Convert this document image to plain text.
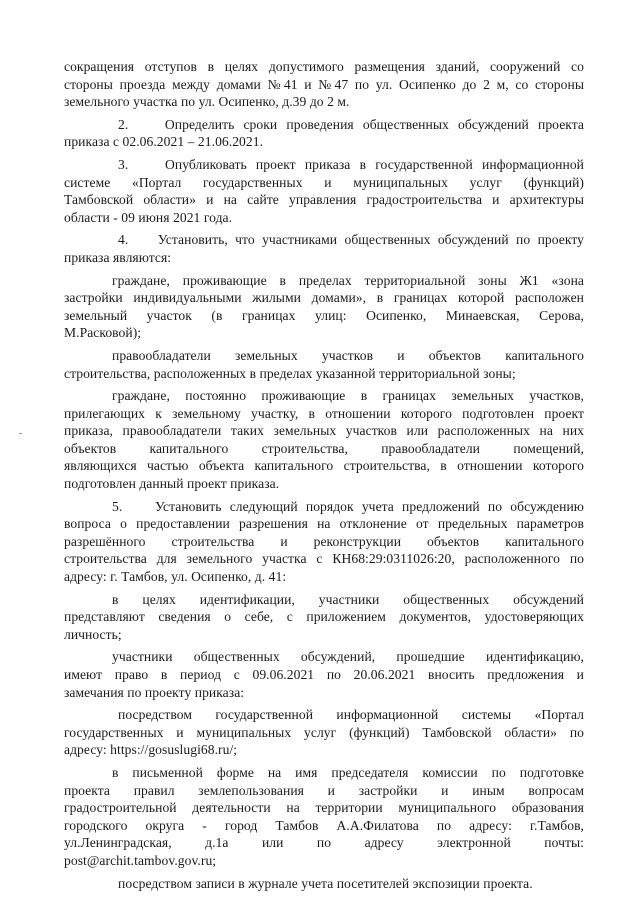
сокращения отступов в целях допустимого размещения зданий, сооружений со
стороны проезда между домами №41 и №47 по ул. Осипенко до 2 м, со стороны
земельного участка по ул. Осипенко, д.39 до 2 м.
2.    Определить сроки проведения общественных обсуждений проекта
приказа с 02.06.2021 – 21.06.2021.
3.    Опубликовать проект приказа в государственной информационной
системе «Портал государственных и муниципальных услуг (функций)
Тамбовской области» и на сайте управления градостроительства и архитектуры
области - 09 июня 2021 года.
4.    Установить, что участниками общественных обсуждений по проекту
приказа являются:
граждане, проживающие в пределах территориальной зоны Ж1 «зона
застройки индивидуальными жилыми домами», в границах которой расположен
земельный участок (в границах улиц: Осипенко, Минаевская, Серова,
М.Расковой);
правообладатели земельных участков и объектов капитального
строительства, расположенных в пределах указанной территориальной зоны;
граждане, постоянно проживающие в границах земельных участков,
прилегающих к земельному участку, в отношении которого подготовлен проект
приказа, правообладатели таких земельных участков или расположенных на них
объектов капитального строительства, правообладатели помещений,
являющихся частью объекта капитального строительства, в отношении которого
подготовлен данный проект приказа.
5.    Установить следующий порядок учета предложений по обсуждению
вопроса о предоставлении разрешения на отклонение от предельных параметров
разрешённого строительства и реконструкции объектов капитального
строительства для земельного участка с КН68:29:0311026:20, расположенного по
адресу: г. Тамбов, ул. Осипенко, д. 41:
в целях идентификации, участники общественных обсуждений
представляют сведения о себе, с приложением документов, удостоверяющих
личность;
участники общественных обсуждений, прошедшие идентификацию,
имеют право в период с 09.06.2021 по 20.06.2021 вносить предложения и
замечания по проекту приказа:
посредством государственной информационной системы «Портал
государственных и муниципальных услуг (функций) Тамбовской области» по
адресу: https://gosuslugi68.ru/;
в письменной форме на имя председателя комиссии по подготовке
проекта правил землепользования и застройки и иным вопросам
градостроительной деятельности на территории муниципального образования
городского округа - город Тамбов А.А.Филатова по адресу: г.Тамбов,
ул.Ленинградская, д.1а или по адресу электронной почты:
post@archit.tambov.gov.ru;
посредством записи в журнале учета посетителей экспозиции проекта.
